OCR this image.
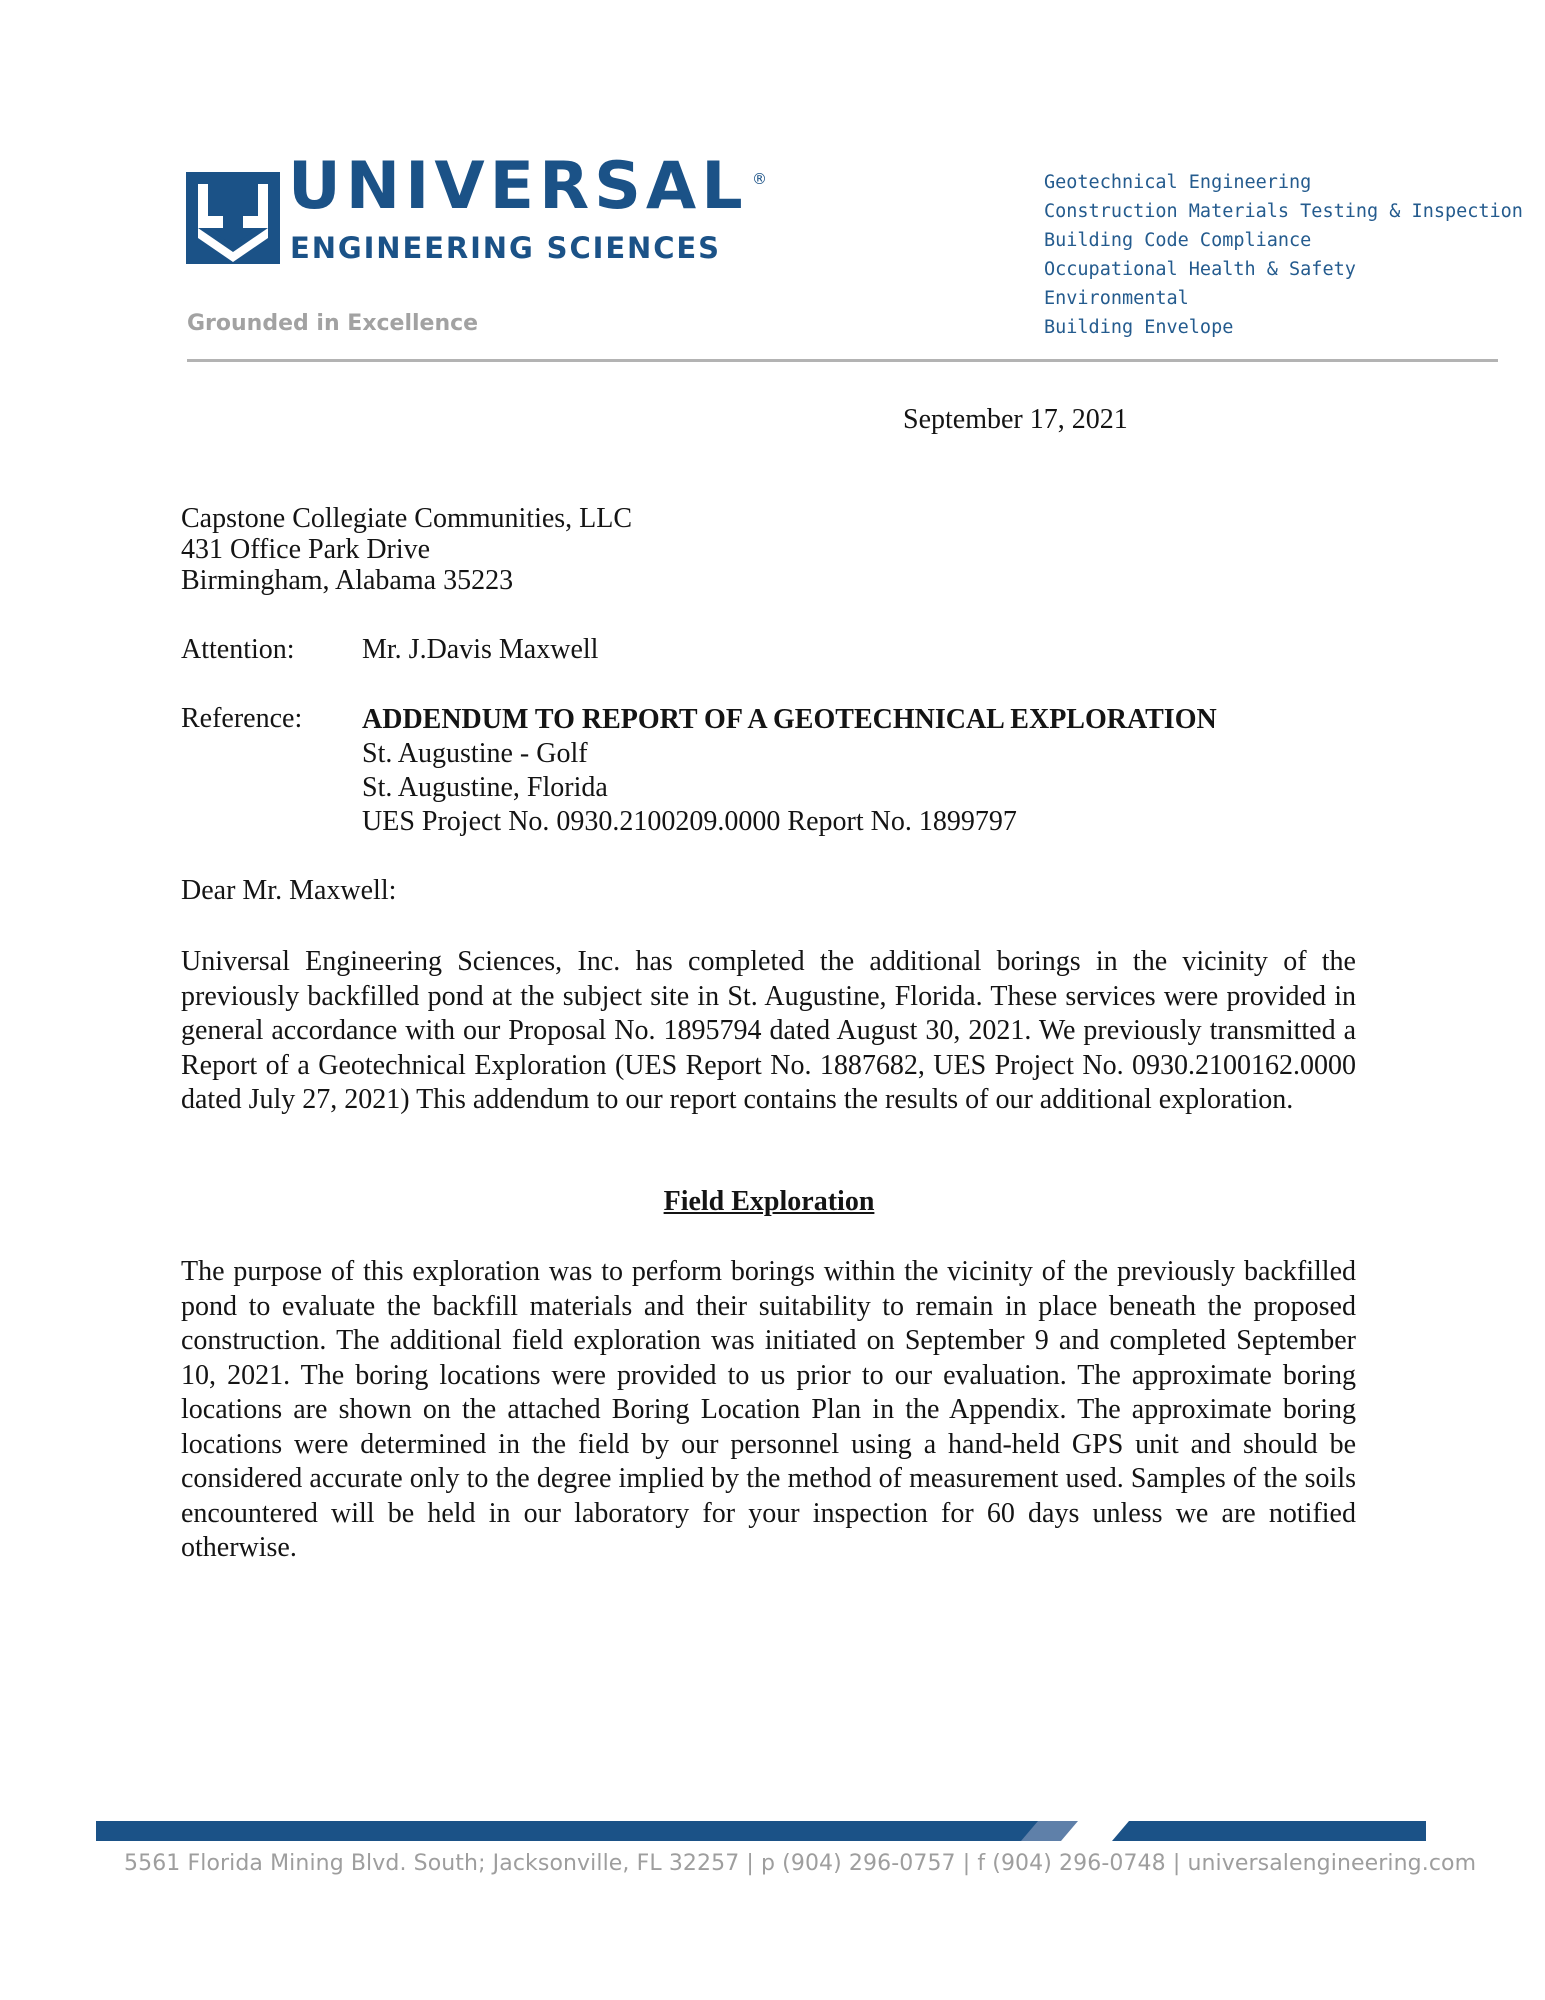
UNIVERSAL ®
ENGINEERING SCIENCES
Grounded in Excellence
Geotechnical Engineering
Construction Materials Testing & Inspection
Building Code Compliance
Occupational Health & Safety
Environmental
Building Envelope
September 17, 2021
Capstone Collegiate Communities, LLC
431 Office Park Drive
Birmingham, Alabama 35223
Attention: Mr. J.Davis Maxwell
Reference: ADDENDUM TO REPORT OF A GEOTECHNICAL EXPLORATION
St. Augustine - Golf
St. Augustine, Florida
UES Project No. 0930.2100209.0000 Report No. 1899797
Dear Mr. Maxwell:

Universal Engineering Sciences, Inc. has completed the additional borings in the vicinity of the previously backfilled pond at the subject site in St. Augustine, Florida. These services were provided in general accordance with our Proposal No. 1895794 dated August 30, 2021. We previously transmitted a Report of a Geotechnical Exploration (UES Report No. 1887682, UES Project No. 0930.2100162.0000 dated July 27, 2021) This addendum to our report contains the results of our additional exploration.

Field Exploration

The purpose of this exploration was to perform borings within the vicinity of the previously backfilled pond to evaluate the backfill materials and their suitability to remain in place beneath the proposed construction. The additional field exploration was initiated on September 9 and completed September 10, 2021. The boring locations were provided to us prior to our evaluation. The approximate boring locations are shown on the attached Boring Location Plan in the Appendix. The approximate boring locations were determined in the field by our personnel using a hand-held GPS unit and should be considered accurate only to the degree implied by the method of measurement used. Samples of the soils encountered will be held in our laboratory for your inspection for 60 days unless we are notified otherwise.

5561 Florida Mining Blvd. South; Jacksonville, FL 32257 | p (904) 296-0757 | f (904) 296-0748 | universalengineering.com
